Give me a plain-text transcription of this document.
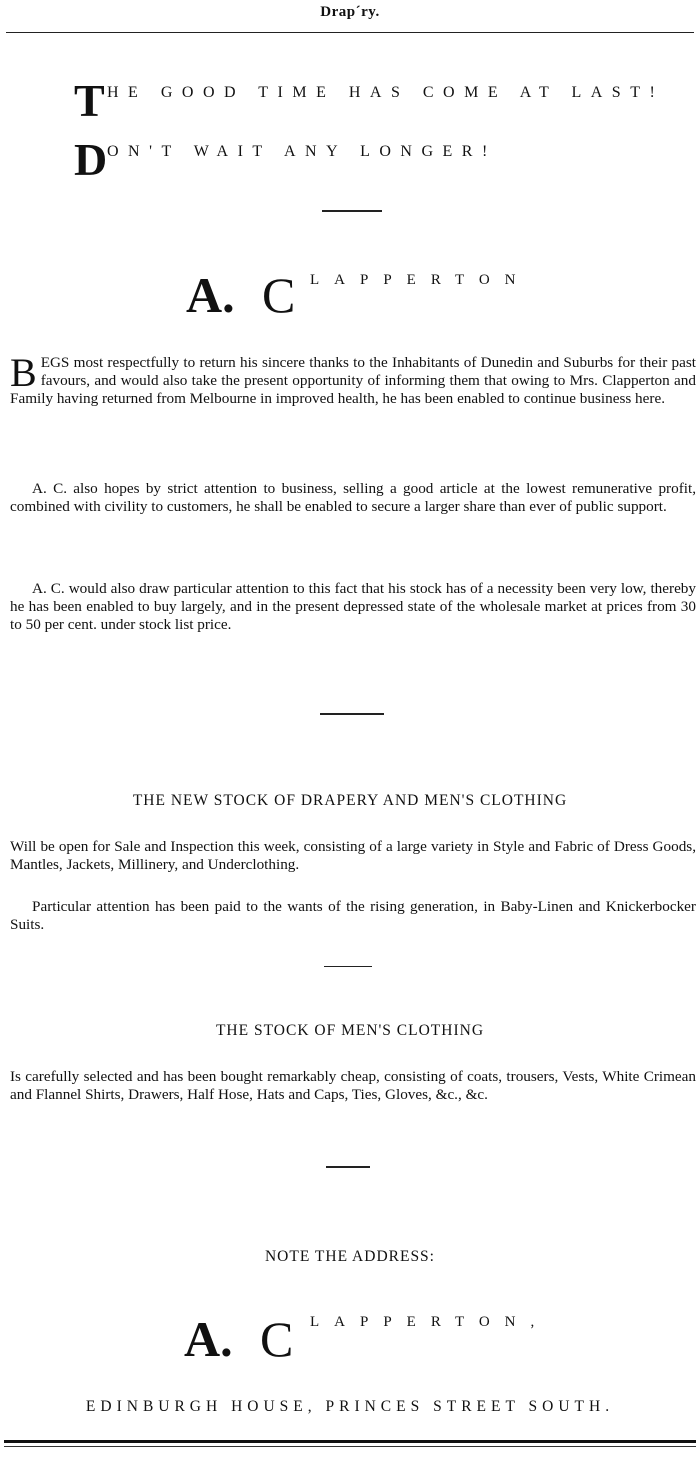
Drap´ry.
T HE GOOD TIME HAS COME AT LAST!
D ON'T WAIT ANY LONGER!
A. C LAPPERTON
B EGS most respectfully to return his sincere thanks to the Inhabitants of Dunedin and Suburbs for their past favours, and would also take the present opportunity of informing them that owing to Mrs. Clapperton and Family having returned from Melbourne in improved health, he has been enabled to continue business here.
A. C. also hopes by strict attention to business, selling a good article at the lowest remunerative profit, combined with civility to customers, he shall be enabled to secure a larger share than ever of public support.
A. C. would also draw particular attention to this fact that his stock has of a necessity been very low, thereby he has been enabled to buy largely, and in the present depressed state of the wholesale market at prices from 30 to 50 per cent. under stock list price.
THE NEW STOCK OF DRAPERY AND MEN'S CLOTHING
Will be open for Sale and Inspection this week, consisting of a large variety in Style and Fabric of Dress Goods, Mantles, Jackets, Millinery, and Underclothing.
Particular attention has been paid to the wants of the rising generation, in Baby-Linen and Knickerbocker Suits.
THE STOCK OF MEN'S CLOTHING
Is carefully selected and has been bought remarkably cheap, consisting of coats, trousers, Vests, White Crimean and Flannel Shirts, Drawers, Half Hose, Hats and Caps, Ties, Gloves, &c., &c.
NOTE THE ADDRESS:
A. C LAPPERTON,
EDINBURGH HOUSE, PRINCES STREET SOUTH.
